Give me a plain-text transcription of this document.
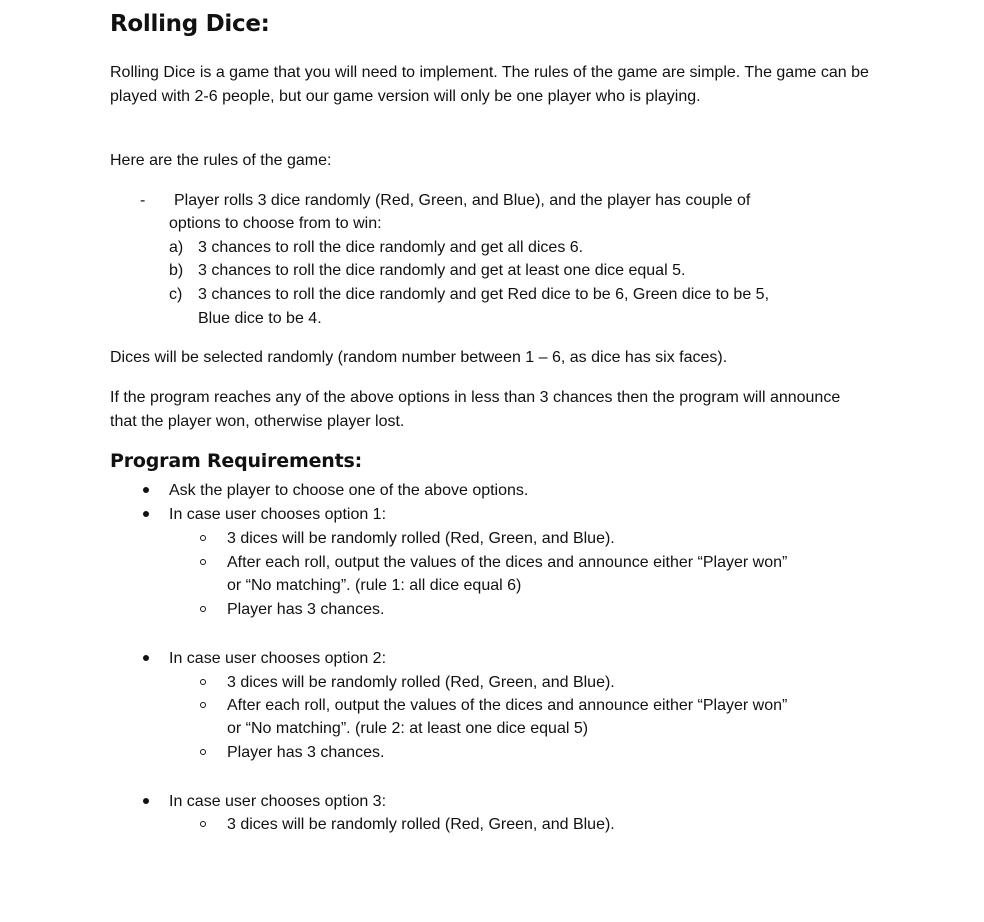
Rolling Dice:

Rolling Dice is a game that you will need to implement. The rules of the game are simple. The game can be played with 2-6 people, but our game version will only be one player who is playing.

Here are the rules of the game:

- Player rolls 3 dice randomly (Red, Green, and Blue), and the player has couple of
options to choose from to win:
a) 3 chances to roll the dice randomly and get all dices 6.
b) 3 chances to roll the dice randomly and get at least one dice equal 5.
c) 3 chances to roll the dice randomly and get Red dice to be 6, Green dice to be 5,
Blue dice to be 4.

Dices will be selected randomly (random number between 1 – 6, as dice has six faces).

If the program reaches any of the above options in less than 3 chances then the program will announce that the player won, otherwise player lost.

Program Requirements:
Ask the player to choose one of the above options.
In case user chooses option 1:
3 dices will be randomly rolled (Red, Green, and Blue).
After each roll, output the values of the dices and announce either “Player won”
or “No matching”. (rule 1: all dice equal 6)
Player has 3 chances.
In case user chooses option 2:
3 dices will be randomly rolled (Red, Green, and Blue).
After each roll, output the values of the dices and announce either “Player won”
or “No matching”. (rule 2: at least one dice equal 5)
Player has 3 chances.
In case user chooses option 3:
3 dices will be randomly rolled (Red, Green, and Blue).
